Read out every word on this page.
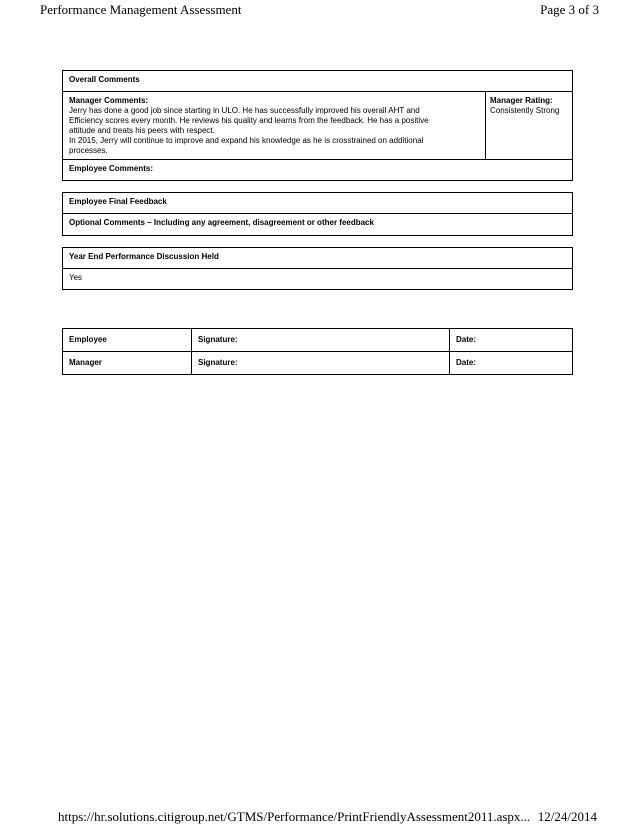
Performance Management Assessment	Page 3 of 3
Overall Comments
Manager Comments:
Jerry has done a good job since starting in ULO. He has successfully improved his overall AHT and
Efficiency scores every month. He reviews his quality and learns from the feedback. He has a positive
attitude and treats his peers with respect.
In 2015, Jerry will continue to improve and expand his knowledge as he is crosstrained on additional
processes.
Manager Rating:
Consistently Strong
Employee Comments:
Employee Final Feedback
Optional Comments – Including any agreement, disagreement or other feedback
Year End Performance Discussion Held
Yes
Employee	Signature:	Date:
Manager	Signature:	Date:
https://hr.solutions.citigroup.net/GTMS/Performance/PrintFriendlyAssessment2011.aspx... 12/24/2014
